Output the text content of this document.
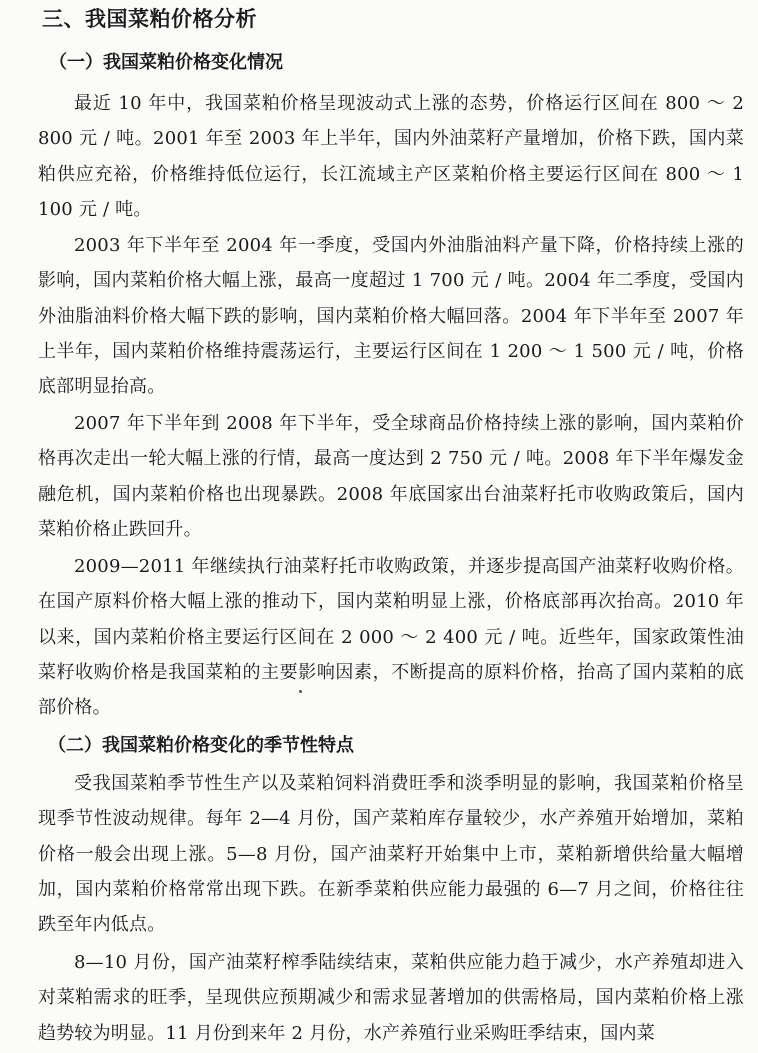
三、我国菜粕价格分析
（一）我国菜粕价格变化情况

最近 10 年中，我国菜粕价格呈现波动式上涨的态势，价格运行区间在 800 ～ 2 800 元 / 吨。2001 年至 2003 年上半年，国内外油菜籽产量增加，价格下跌，国内菜粕供应充裕，价格维持低位运行，长江流域主产区菜粕价格主要运行区间在 800 ～ 1 100 元 / 吨。

2003 年下半年至 2004 年一季度，受国内外油脂油料产量下降，价格持续上涨的影响，国内菜粕价格大幅上涨，最高一度超过 1 700 元 / 吨。2004 年二季度，受国内外油脂油料价格大幅下跌的影响，国内菜粕价格大幅回落。2004 年下半年至 2007 年上半年，国内菜粕价格维持震荡运行，主要运行区间在 1 200 ～ 1 500 元 / 吨，价格底部明显抬高。

2007 年下半年到 2008 年下半年，受全球商品价格持续上涨的影响，国内菜粕价格再次走出一轮大幅上涨的行情，最高一度达到 2 750 元 / 吨。2008 年下半年爆发金融危机，国内菜粕价格也出现暴跌。2008 年底国家出台油菜籽托市收购政策后，国内菜粕价格止跌回升。

2009—2011 年继续执行油菜籽托市收购政策，并逐步提高国产油菜籽收购价格。在国产原料价格大幅上涨的推动下，国内菜粕明显上涨，价格底部再次抬高。2010 年以来，国内菜粕价格主要运行区间在 2 000 ～ 2 400 元 / 吨。近些年，国家政策性油菜籽收购价格是我国菜粕的主要影响因素，不断提高的原料价格，抬高了国内菜粕的底部价格。

（二）我国菜粕价格变化的季节性特点

受我国菜粕季节性生产以及菜粕饲料消费旺季和淡季明显的影响，我国菜粕价格呈现季节性波动规律。每年 2—4 月份，国产菜粕库存量较少，水产养殖开始增加，菜粕价格一般会出现上涨。5—8 月份，国产油菜籽开始集中上市，菜粕新增供给量大幅增加，国内菜粕价格常常出现下跌。在新季菜粕供应能力最强的 6—7 月之间，价格往往跌至年内低点。

8—10 月份，国产油菜籽榨季陆续结束，菜粕供应能力趋于减少，水产养殖却进入对菜粕需求的旺季，呈现供应预期减少和需求显著增加的供需格局，国内菜粕价格上涨趋势较为明显。11 月份到来年 2 月份，水产养殖行业采购旺季结束，国内菜
